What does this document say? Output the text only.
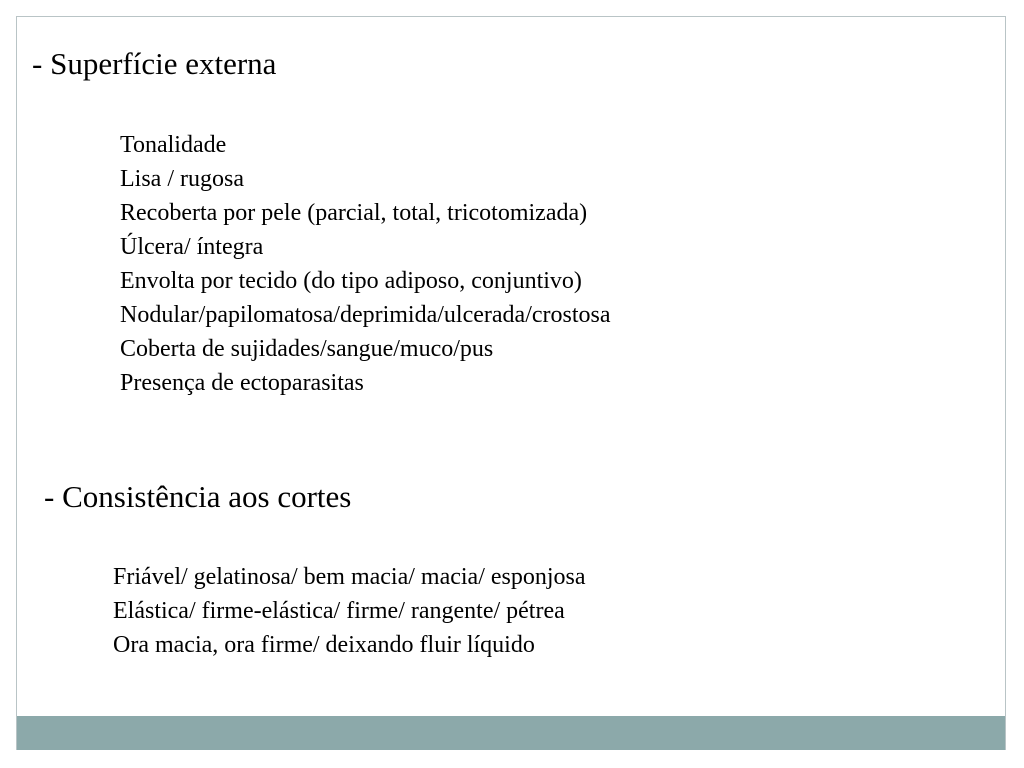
- Superfície externa
Tonalidade
Lisa / rugosa
Recoberta por pele (parcial, total, tricotomizada)
Úlcera/ íntegra
Envolta por tecido (do tipo adiposo, conjuntivo)
Nodular/papilomatosa/deprimida/ulcerada/crostosa
Coberta de sujidades/sangue/muco/pus
Presença de ectoparasitas
- Consistência aos cortes
Friável/ gelatinosa/ bem macia/ macia/ esponjosa
Elástica/ firme-elástica/ firme/ rangente/ pétrea
Ora macia, ora firme/ deixando fluir líquido
